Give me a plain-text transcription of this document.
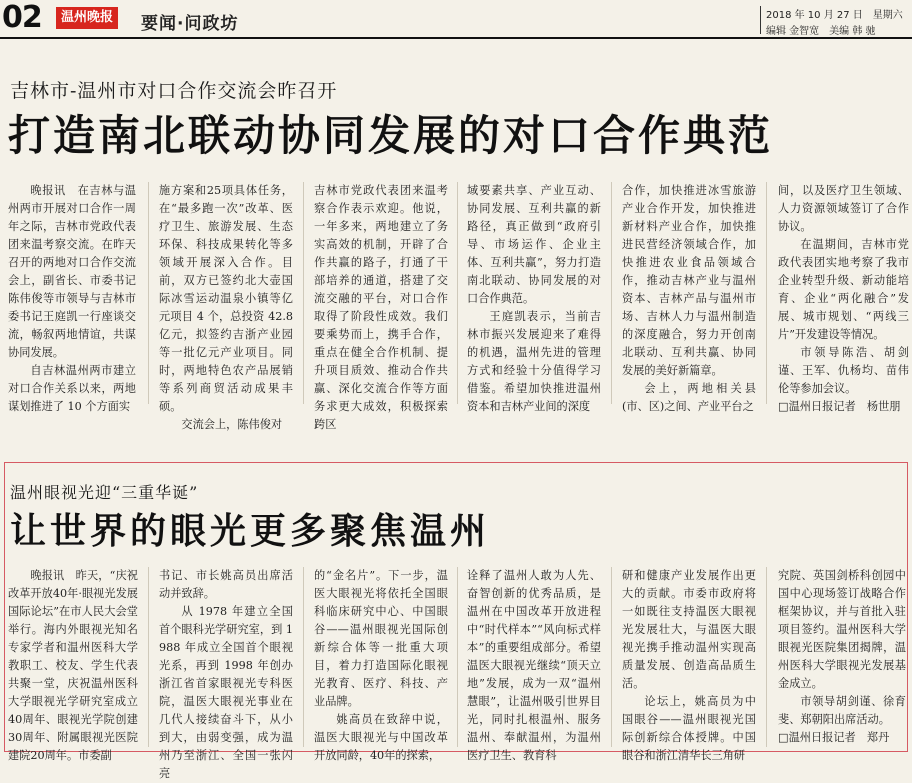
02	温州晚报 要闻·问政坊	2018 年 10 月 27 日　星期六
编辑 金智宽　美编 韩 驰
吉林市-温州市对口合作交流会昨召开
打造南北联动协同发展的对口合作典范

晚报讯　在吉林与温州两市开展对口合作一周年之际，吉林市党政代表团来温考察交流。在昨天召开的两地对口合作交流会上，副省长、市委书记陈伟俊等市领导与吉林市委书记王庭凯一行座谈交流，畅叙两地情谊，共谋协同发展。

自吉林温州两市建立对口合作关系以来，两地谋划推进了 10 个方面实

施方案和25项具体任务，在“最多跑一次”改革、医疗卫生、旅游发展、生态环保、科技成果转化等多领域开展深入合作。目前，双方已签约北大壶国际冰雪运动温泉小镇等亿元项目 4 个，总投资 42.8 亿元，拟签约吉浙产业园等一批亿元产业项目。同时，两地特色农产品展销等系列商贸活动成果丰硕。

交流会上，陈伟俊对

吉林市党政代表团来温考察合作表示欢迎。他说，一年多来，两地建立了务实高效的机制，开辟了合作共赢的路子，打通了干部培养的通道，搭建了交流交融的平台，对口合作取得了阶段性成效。我们要乘势而上，携手合作，重点在健全合作机制、提升项目质效、推动合作共赢、深化交流合作等方面务求更大成效，积极探索跨区

域要素共享、产业互动、协同发展、互利共赢的新路径，真正做到“政府引导、市场运作、企业主体、互利共赢”，努力打造南北联动、协同发展的对口合作典范。

王庭凯表示，当前吉林市振兴发展迎来了难得的机遇，温州先进的管理方式和经验十分值得学习借鉴。希望加快推进温州资本和吉林产业间的深度

合作，加快推进冰雪旅游产业合作开发，加快推进新材料产业合作，加快推进民营经济领域合作，加快推进农业食品领域合作，推动吉林产业与温州资本、吉林产品与温州市场、吉林人力与温州制造的深度融合，努力开创南北联动、互利共赢、协同发展的美好新篇章。

会上，两地相关县(市、区)之间、产业平台之

间，以及医疗卫生领域、人力资源领域签订了合作协议。

在温期间，吉林市党政代表团实地考察了我市企业转型升级、新动能培育、企业“两化融合”发展、城市规划、“两线三片”开发建设等情况。

市领导陈浩、胡剑谨、王军、仇杨均、苗伟伦等参加会议。

□温州日报记者　杨世朋

温州眼视光迎“三重华诞”
让世界的眼光更多聚焦温州

晚报讯　昨天，“庆祝改革开放40年·眼视光发展国际论坛”在市人民大会堂举行。海内外眼视光知名专家学者和温州医科大学教职工、校友、学生代表共聚一堂，庆祝温州医科大学眼视光学研究室成立40周年、眼视光学院创建30周年、附属眼视光医院建院20周年。市委副

书记、市长姚高员出席活动并致辞。

从 1978 年建立全国首个眼科光学研究室，到 1988 年成立全国首个眼视光系，再到 1998 年创办浙江省首家眼视光专科医院，温医大眼视光事业在几代人接续奋斗下，从小到大，由弱变强，成为温州乃至浙江、全国一张闪亮

的“金名片”。下一步，温医大眼视光将依托全国眼科临床研究中心、中国眼谷——温州眼视光国际创新综合体等一批重大项目，着力打造国际化眼视光教育、医疗、科技、产业品牌。

姚高员在致辞中说，温医大眼视光与中国改革开放同龄，40年的探索，

诠释了温州人敢为人先、奋智创新的优秀品质，是温州在中国改革开放进程中“时代样本”“风向标式样本”的重要组成部分。希望温医大眼视光继续“顶天立地”发展，成为一双“温州慧眼”，让温州吸引世界目光，同时扎根温州、服务温州、奉献温州，为温州医疗卫生、教育科

研和健康产业发展作出更大的贡献。市委市政府将一如既往支持温医大眼视光发展壮大，与温医大眼视光携手推动温州实现高质量发展、创造高品质生活。

论坛上，姚高员为中国眼谷——温州眼视光国际创新综合体授牌。中国眼谷和浙江清华长三角研

究院、英国剑桥科创园中国中心现场签订战略合作框架协议，并与首批入驻项目签约。温州医科大学眼视光医院集团揭牌，温州医科大学眼视光发展基金成立。

市领导胡剑谨、徐育斐、郑朝阳出席活动。

□温州日报记者　郑丹
